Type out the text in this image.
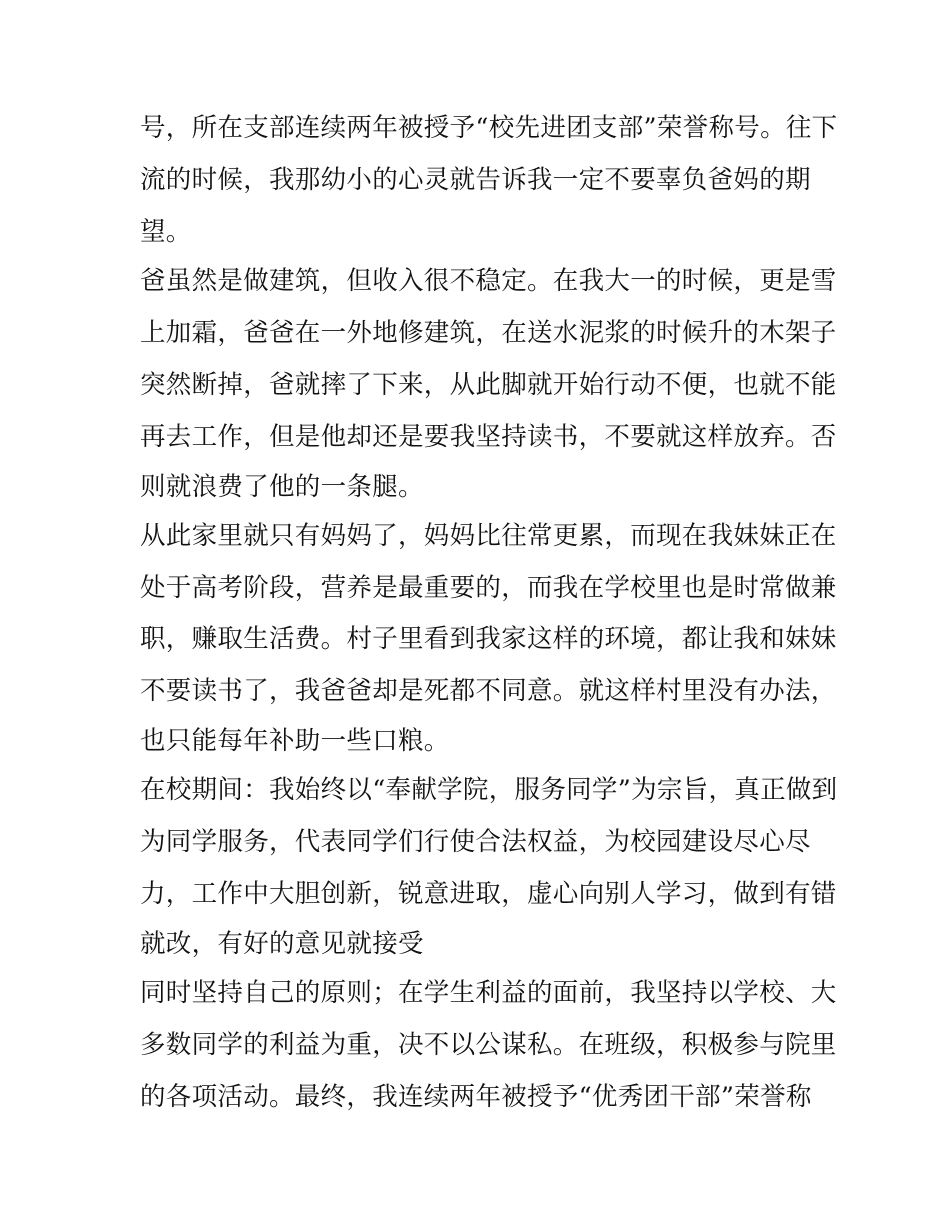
号，所在支部连续两年被授予“校先进团支部”荣誉称号。往下
流的时候，我那幼小的心灵就告诉我一定不要辜负爸妈的期
望。
爸虽然是做建筑，但收入很不稳定。在我大一的时候，更是雪
上加霜，爸爸在一外地修建筑，在送水泥浆的时候升的木架子
突然断掉，爸就摔了下来，从此脚就开始行动不便，也就不能
再去工作，但是他却还是要我坚持读书，不要就这样放弃。否
则就浪费了他的一条腿。
从此家里就只有妈妈了，妈妈比往常更累，而现在我妹妹正在
处于高考阶段，营养是最重要的，而我在学校里也是时常做兼
职，赚取生活费。村子里看到我家这样的环境，都让我和妹妹
不要读书了，我爸爸却是死都不同意。就这样村里没有办法，
也只能每年补助一些口粮。
在校期间：我始终以“奉献学院，服务同学”为宗旨，真正做到
为同学服务，代表同学们行使合法权益，为校园建设尽心尽
力，工作中大胆创新，锐意进取，虚心向别人学习，做到有错
就改，有好的意见就接受
同时坚持自己的原则；在学生利益的面前，我坚持以学校、大
多数同学的利益为重，决不以公谋私。在班级，积极参与院里
的各项活动。最终，我连续两年被授予“优秀团干部”荣誉称
